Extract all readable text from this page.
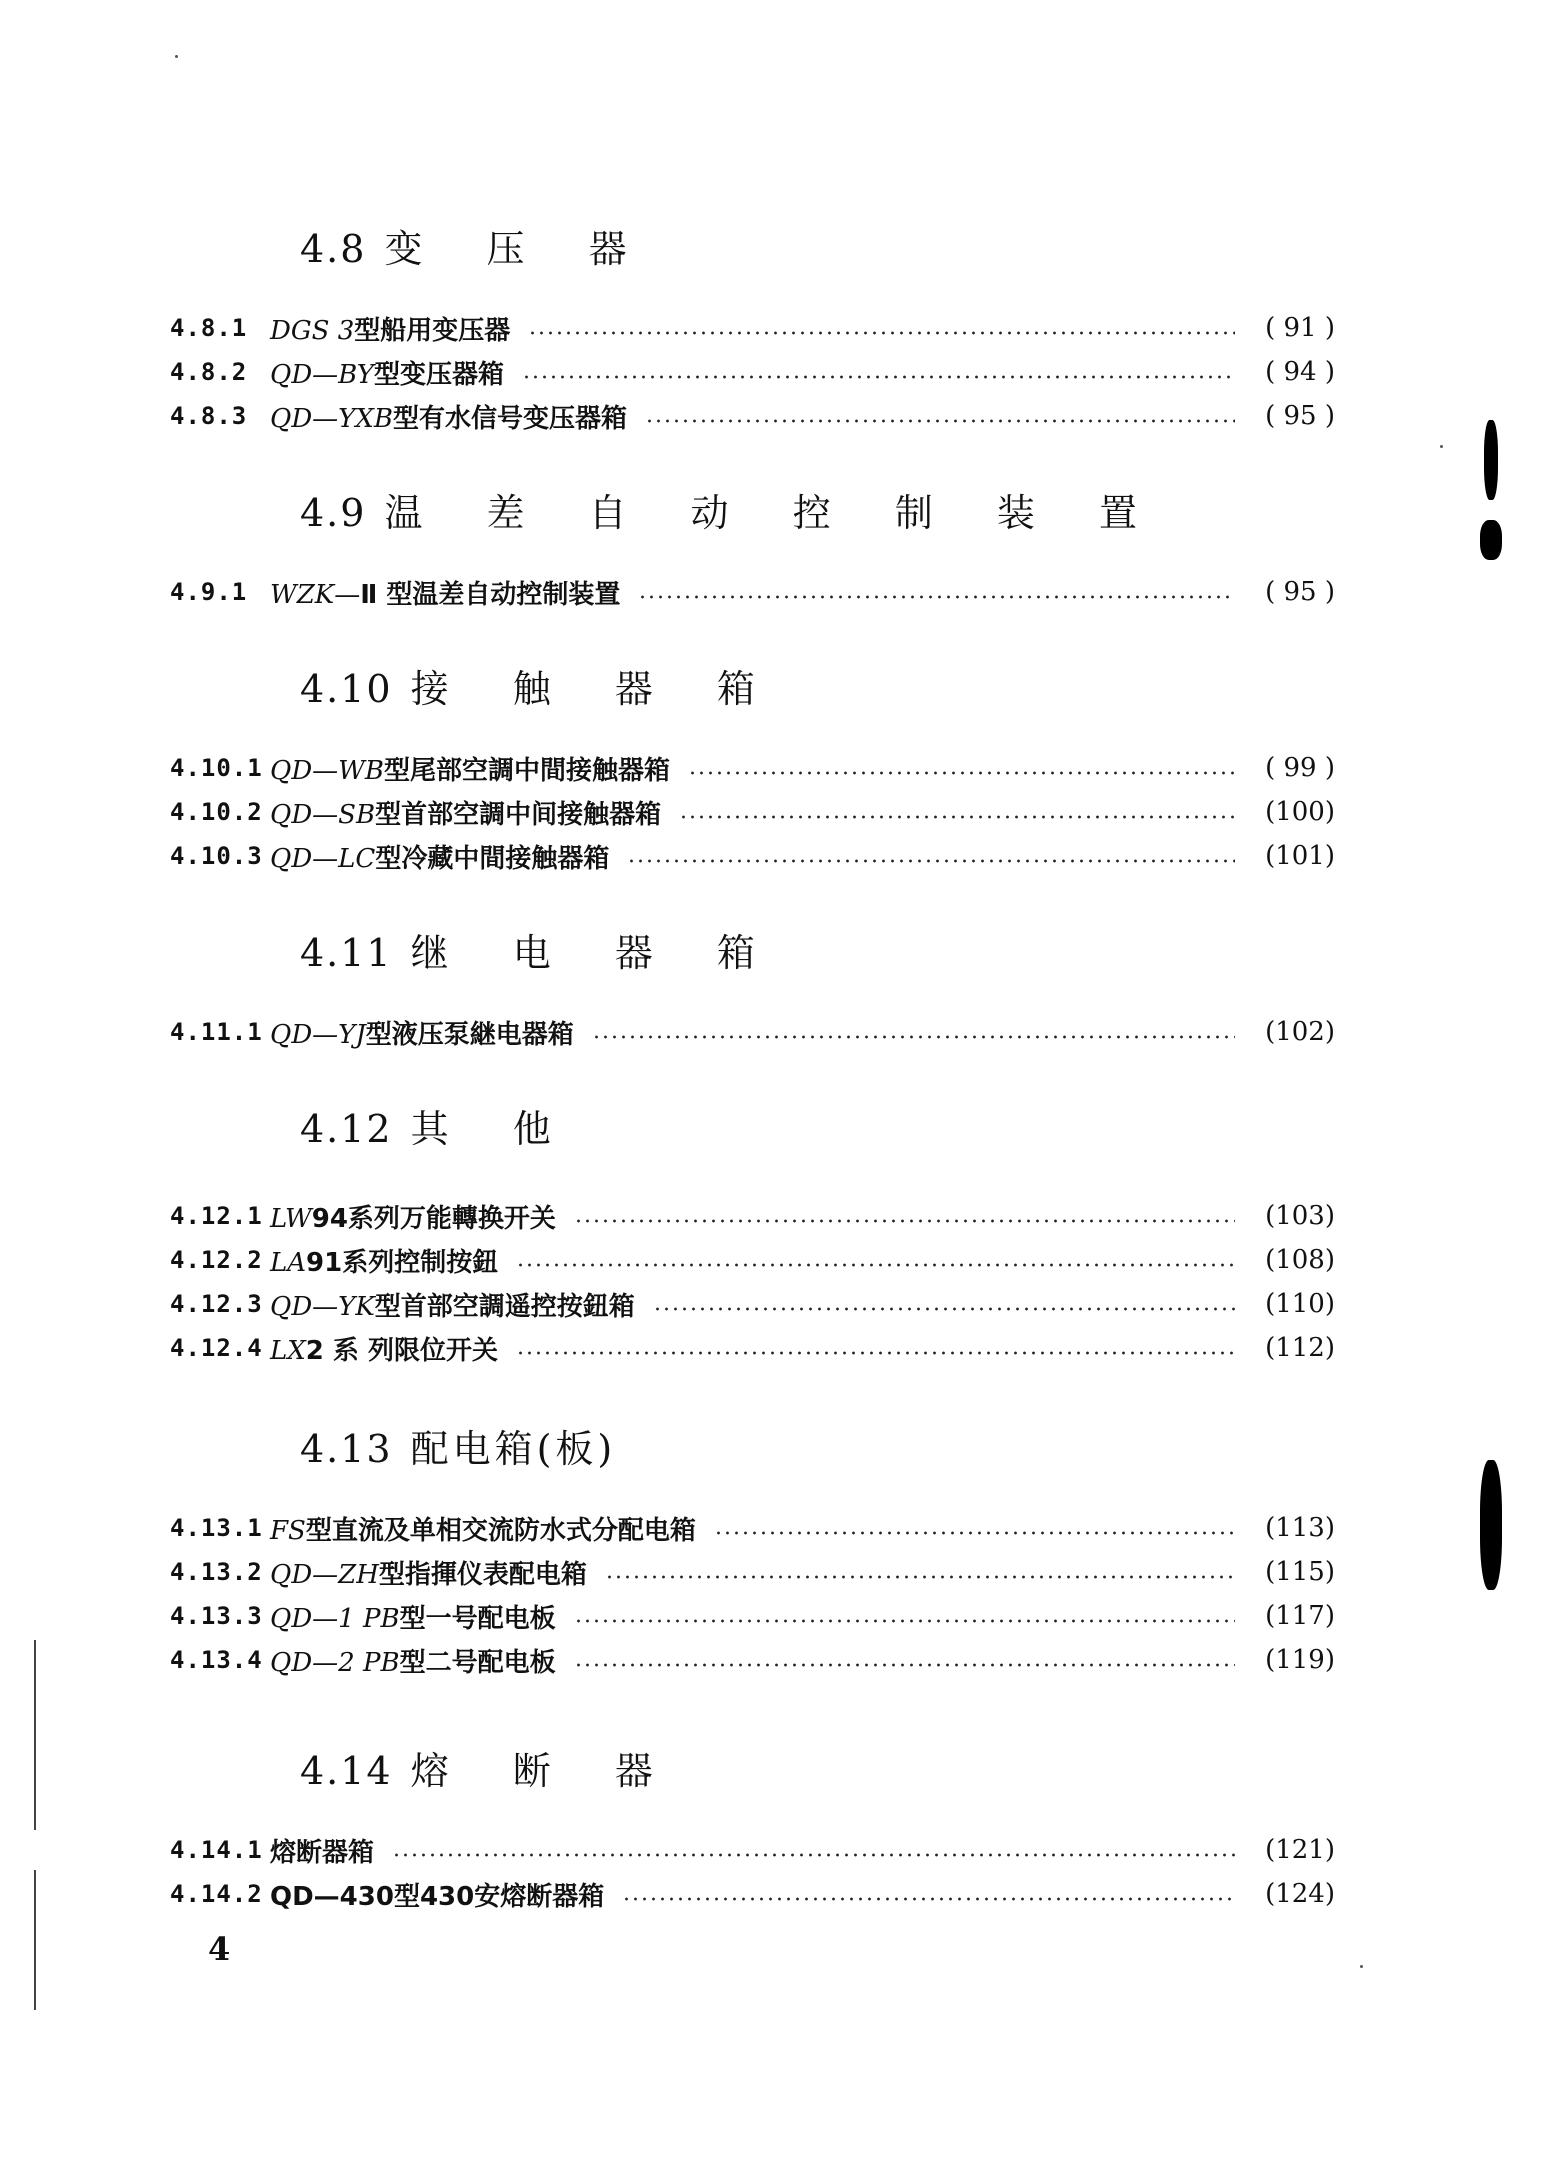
4.8 变 压 器
4.8.1 DGS 3型船用变压器	( 91 )
4.8.2 QD—BY型变压器箱	( 94 )
4.8.3 QD—YXB型有水信号变压器箱	( 95 )
4.9 温 差 自 动 控 制 装 置
4.9.1 WZK—Ⅱ 型温差自动控制装置	( 95 )
4.10 接 触 器 箱
4.10.1 QD—WB型尾部空調中間接触器箱	( 99 )
4.10.2 QD—SB型首部空調中间接触器箱	(100)
4.10.3 QD—LC型冷藏中間接触器箱	(101)
4.11 继 电 器 箱
4.11.1 QD—YJ型液压泵継电器箱	(102)
4.12 其 他
4.12.1 LW94系列万能轉换开关	(103)
4.12.2 LA91系列控制按鈕	(108)
4.12.3 QD—YK型首部空調遥控按鈕箱	(110)
4.12.4 LX2 系 列限位开关	(112)
4.13 配电箱(板)
4.13.1 FS型直流及单相交流防水式分配电箱	(113)
4.13.2 QD—ZH型指揮仪表配电箱	(115)
4.13.3 QD—1 PB型一号配电板	(117)
4.13.4 QD—2 PB型二号配电板	(119)
4.14 熔 断 器
4.14.1 熔断器箱	(121)
4.14.2 QD—430型430安熔断器箱	(124)
4
